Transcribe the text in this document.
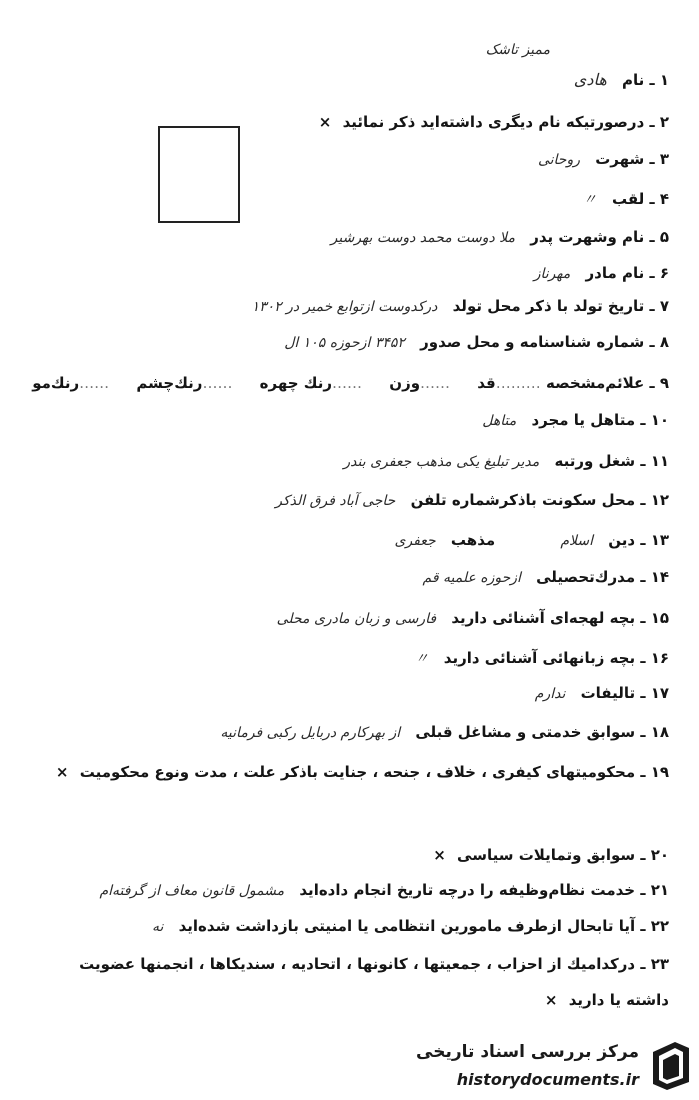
ممیز تاشک
۱ ـ نام هادی
۲ ـ درصورتیکه نام دیگری داشته‌اید ذکر نمائید ×
۳ ـ شهرت روحانی
۴ ـ لقب 〃
۵ ـ نام وشهرت پدر ملا دوست محمد دوست بهرشیر
۶ ـ نام مادر مهرناز
۷ ـ تاریخ تولد با ذکر محل تولد درکدوست ازتوابع خمیر در ۱۳۰۲
۸ ـ شماره شناسنامه و محل صدور ۳۴۵۲ ازحوزه ۱۰۵ ال
۹ ـ علائم‌مشخصه ………قد ……وزن ……رنك چهره ……رنك‌چشم ……رنك‌مو
۱۰ ـ متاهل یا مجرد متاهل
۱۱ ـ شغل ورتبه مدیر تبلیغ یکی مذهب جعفری بندر
۱۲ ـ محل سکونت باذکرشماره تلفن حاجی آباد فرق الذکر
۱۳ ـ دین اسلام مذهب جعفری
۱۴ ـ مدرك‌تحصیلی ازحوزه علمیه قم
۱۵ ـ بچه لهجه‌ای آشنائی دارید فارسی و زبان مادری محلی
۱۶ ـ بچه زبانهائی آشنائی دارید 〃
۱۷ ـ تالیفات ندارم
۱۸ ـ سوابق خدمتی و مشاغل قبلی از بهرکارم دربایل رکبی فرمانیه
۱۹ ـ محکومیتهای کیفری ، خلاف ، جنحه ، جنایت باذکر علت ، مدت ونوع محکومیت ×
۲۰ ـ سوابق وتمایلات سیاسی ×
۲۱ ـ خدمت نظام‌وظیفه را درچه تاریخ انجام داده‌اید مشمول قانون معاف از گرفته‌ام
۲۲ ـ آیا تابحال ازطرف مامورین انتظامی یا امنیتی بازداشت شده‌اید نه
۲۳ ـ درکدامیك از احزاب ، جمعیتها ، کانونها ، اتحادیه ، سندیکاها ، انجمنها عضویت
داشته یا دارید ×
مرکز بررسی اسناد تاریخی
historydocuments.ir
